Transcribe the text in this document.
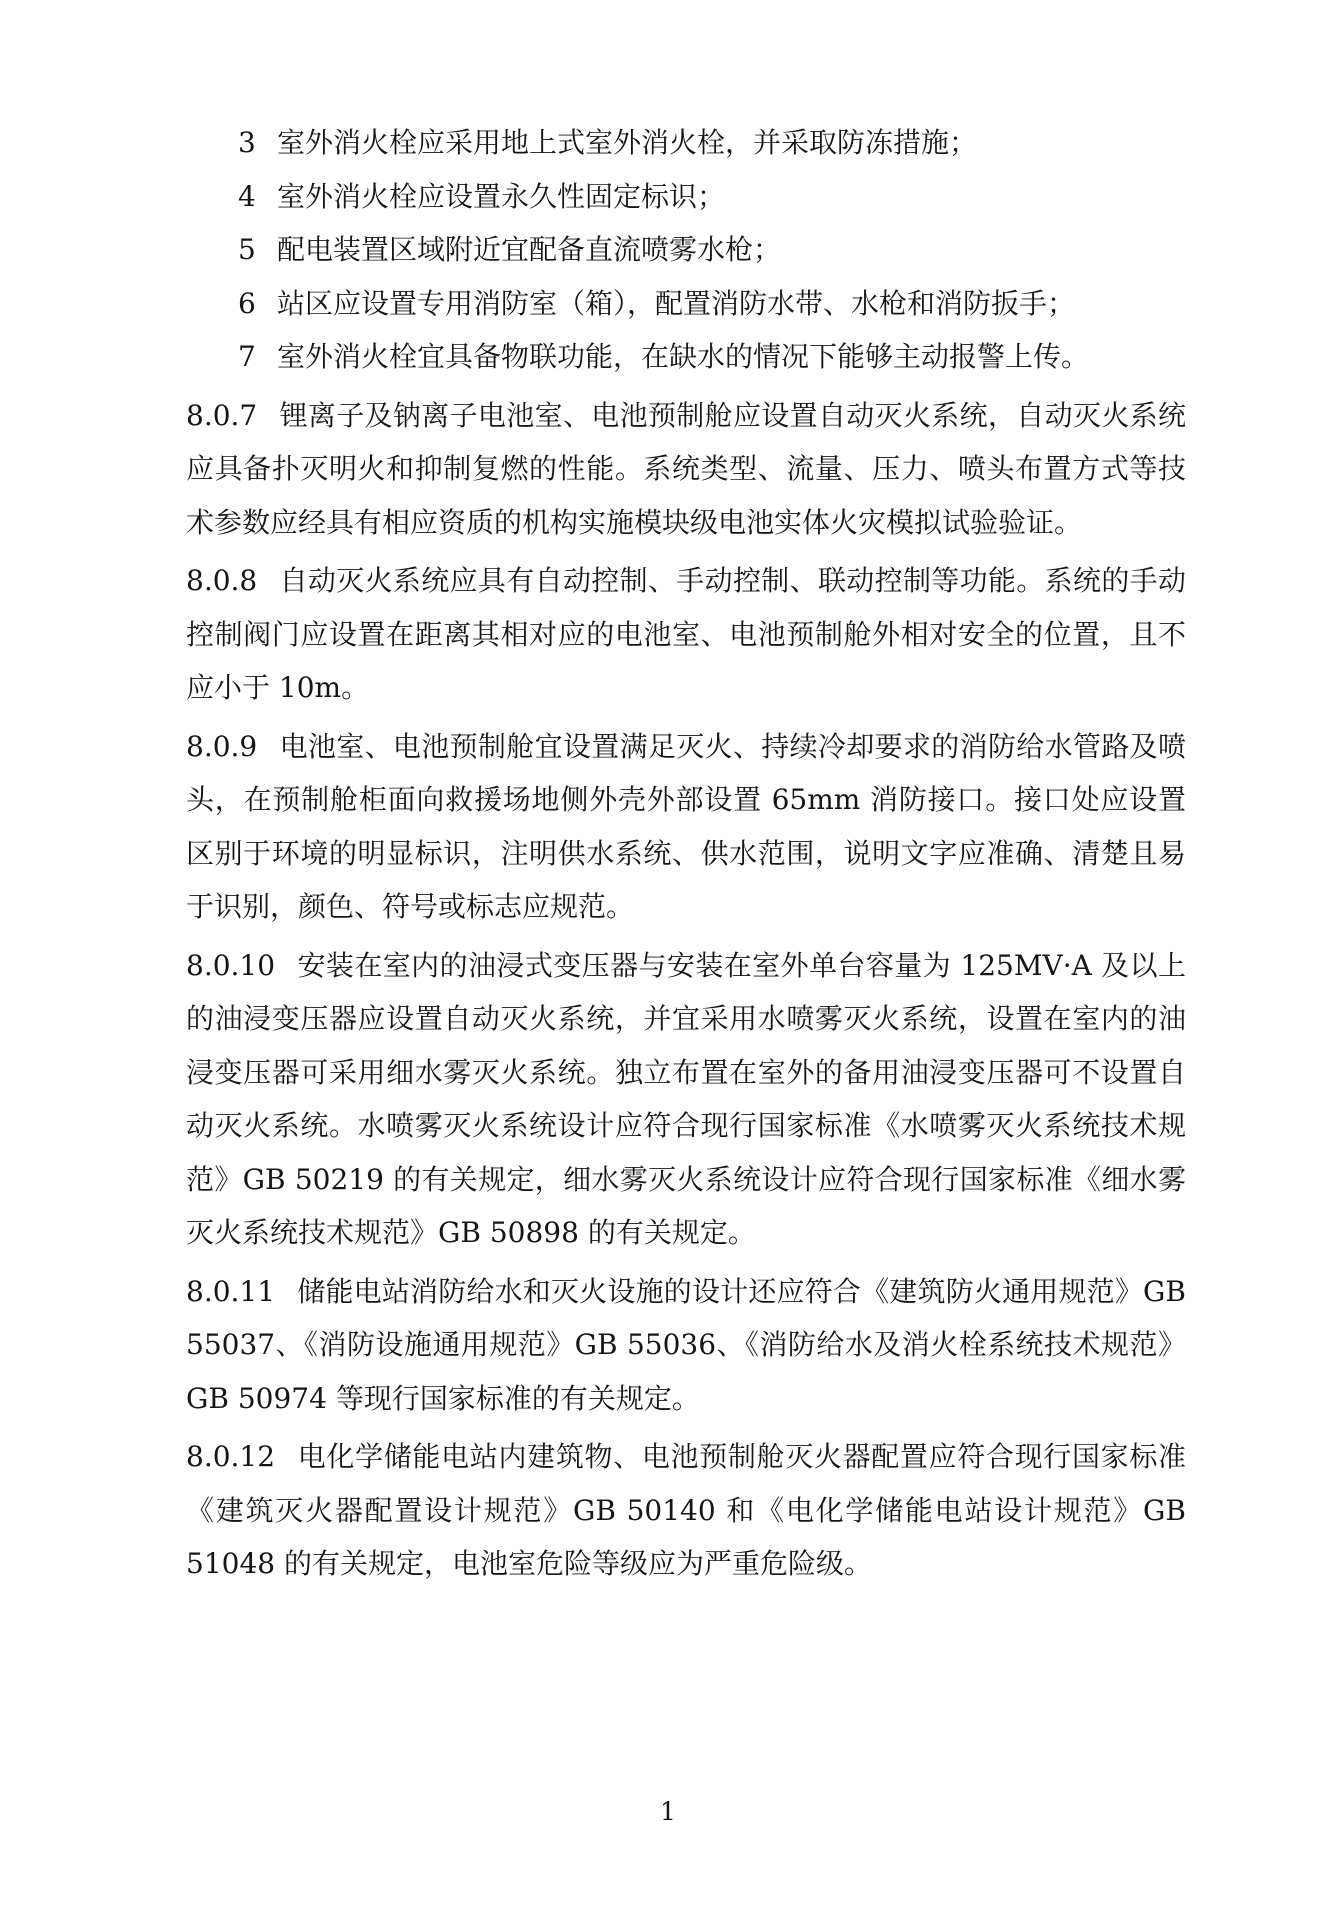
3 室外消火栓应采用地上式室外消火栓，并采取防冻措施；

4 室外消火栓应设置永久性固定标识；

5 配电装置区域附近宜配备直流喷雾水枪；

6 站区应设置专用消防室（箱），配置消防水带、水枪和消防扳手；

7 室外消火栓宜具备物联功能，在缺水的情况下能够主动报警上传。

8.0.7 锂离子及钠离子电池室、电池预制舱应设置自动灭火系统，自动灭火系统应具备扑灭明火和抑制复燃的性能。系统类型、流量、压力、喷头布置方式等技术参数应经具有相应资质的机构实施模块级电池实体火灾模拟试验验证。

8.0.8 自动灭火系统应具有自动控制、手动控制、联动控制等功能。系统的手动控制阀门应设置在距离其相对应的电池室、电池预制舱外相对安全的位置，且不应小于 10m。

8.0.9 电池室、电池预制舱宜设置满足灭火、持续冷却要求的消防给水管路及喷头，在预制舱柜面向救援场地侧外壳外部设置 65mm 消防接口。接口处应设置区别于环境的明显标识，注明供水系统、供水范围，说明文字应准确、清楚且易于识别，颜色、符号或标志应规范。

8.0.10 安装在室内的油浸式变压器与安装在室外单台容量为 125MV·A 及以上的油浸变压器应设置自动灭火系统，并宜采用水喷雾灭火系统，设置在室内的油浸变压器可采用细水雾灭火系统。独立布置在室外的备用油浸变压器可不设置自动灭火系统。水喷雾灭火系统设计应符合现行国家标准《水喷雾灭火系统技术规范》GB 50219 的有关规定，细水雾灭火系统设计应符合现行国家标准《细水雾灭火系统技术规范》GB 50898 的有关规定。

8.0.11 储能电站消防给水和灭火设施的设计还应符合《建筑防火通用规范》GB 55037、《消防设施通用规范》GB 55036、《消防给水及消火栓系统技术规范》GB 50974 等现行国家标准的有关规定。

8.0.12 电化学储能电站内建筑物、电池预制舱灭火器配置应符合现行国家标准《建筑灭火器配置设计规范》GB 50140 和《电化学储能电站设计规范》GB 51048 的有关规定，电池室危险等级应为严重危险级。

1
